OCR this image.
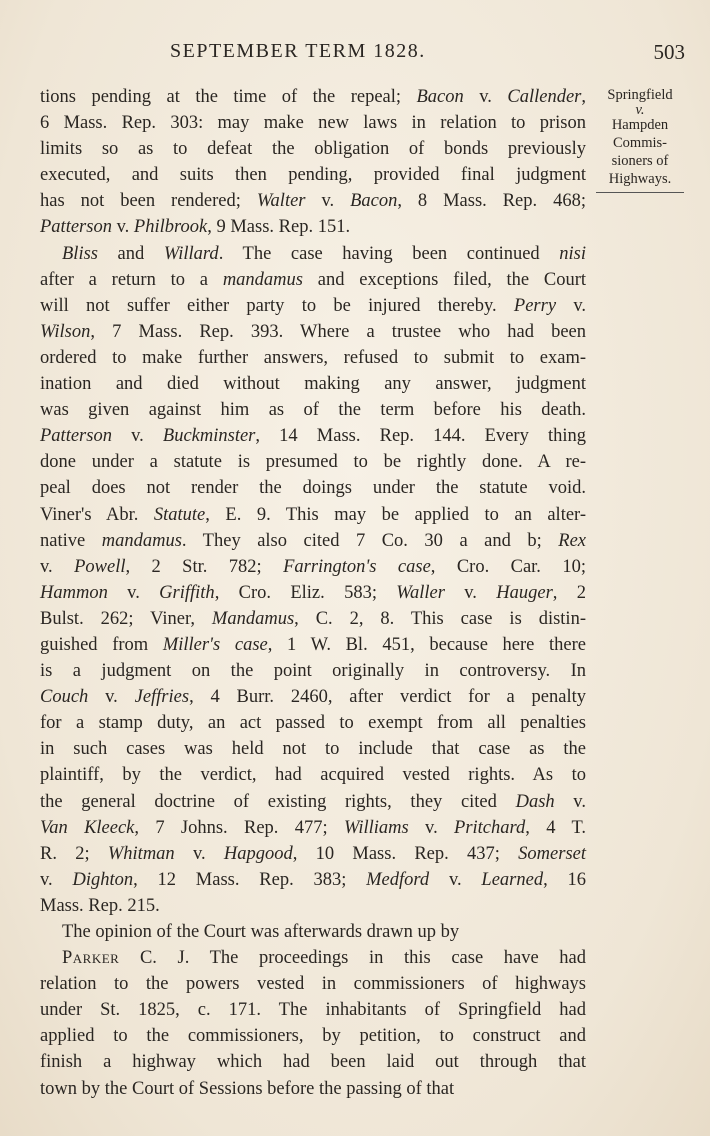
SEPTEMBER TERM 1828.	503
Springfield
v.
Hampden
Commis-
sioners of
Highways.
tions pending at the time of the repeal; Bacon v. Callender,
6 Mass. Rep. 303: may make new laws in relation to prison
limits so as to defeat the obligation of bonds previously
executed, and suits then pending, provided final judgment
has not been rendered; Walter v. Bacon, 8 Mass. Rep. 468;
Patterson v. Philbrook, 9 Mass. Rep. 151.
Bliss and Willard. The case having been continued nisi
after a return to a mandamus and exceptions filed, the Court
will not suffer either party to be injured thereby. Perry v.
Wilson, 7 Mass. Rep. 393. Where a trustee who had been
ordered to make further answers, refused to submit to exam-
ination and died without making any answer, judgment
was given against him as of the term before his death.
Patterson v. Buckminster, 14 Mass. Rep. 144. Every thing
done under a statute is presumed to be rightly done. A re-
peal does not render the doings under the statute void.
Viner's Abr. Statute, E. 9. This may be applied to an alter-
native mandamus. They also cited 7 Co. 30 a and b; Rex
v. Powell, 2 Str. 782; Farrington's case, Cro. Car. 10;
Hammon v. Griffith, Cro. Eliz. 583; Waller v. Hauger, 2
Bulst. 262; Viner, Mandamus, C. 2, 8. This case is distin-
guished from Miller's case, 1 W. Bl. 451, because here there
is a judgment on the point originally in controversy. In
Couch v. Jeffries, 4 Burr. 2460, after verdict for a penalty
for a stamp duty, an act passed to exempt from all penalties
in such cases was held not to include that case as the
plaintiff, by the verdict, had acquired vested rights. As to
the general doctrine of existing rights, they cited Dash v.
Van Kleeck, 7 Johns. Rep. 477; Williams v. Pritchard, 4 T.
R. 2; Whitman v. Hapgood, 10 Mass. Rep. 437; Somerset
v. Dighton, 12 Mass. Rep. 383; Medford v. Learned, 16
Mass. Rep. 215.
The opinion of the Court was afterwards drawn up by
Parker C. J. The proceedings in this case have had
relation to the powers vested in commissioners of highways
under St. 1825, c. 171. The inhabitants of Springfield had
applied to the commissioners, by petition, to construct and
finish a highway which had been laid out through that
town by the Court of Sessions before the passing of that
